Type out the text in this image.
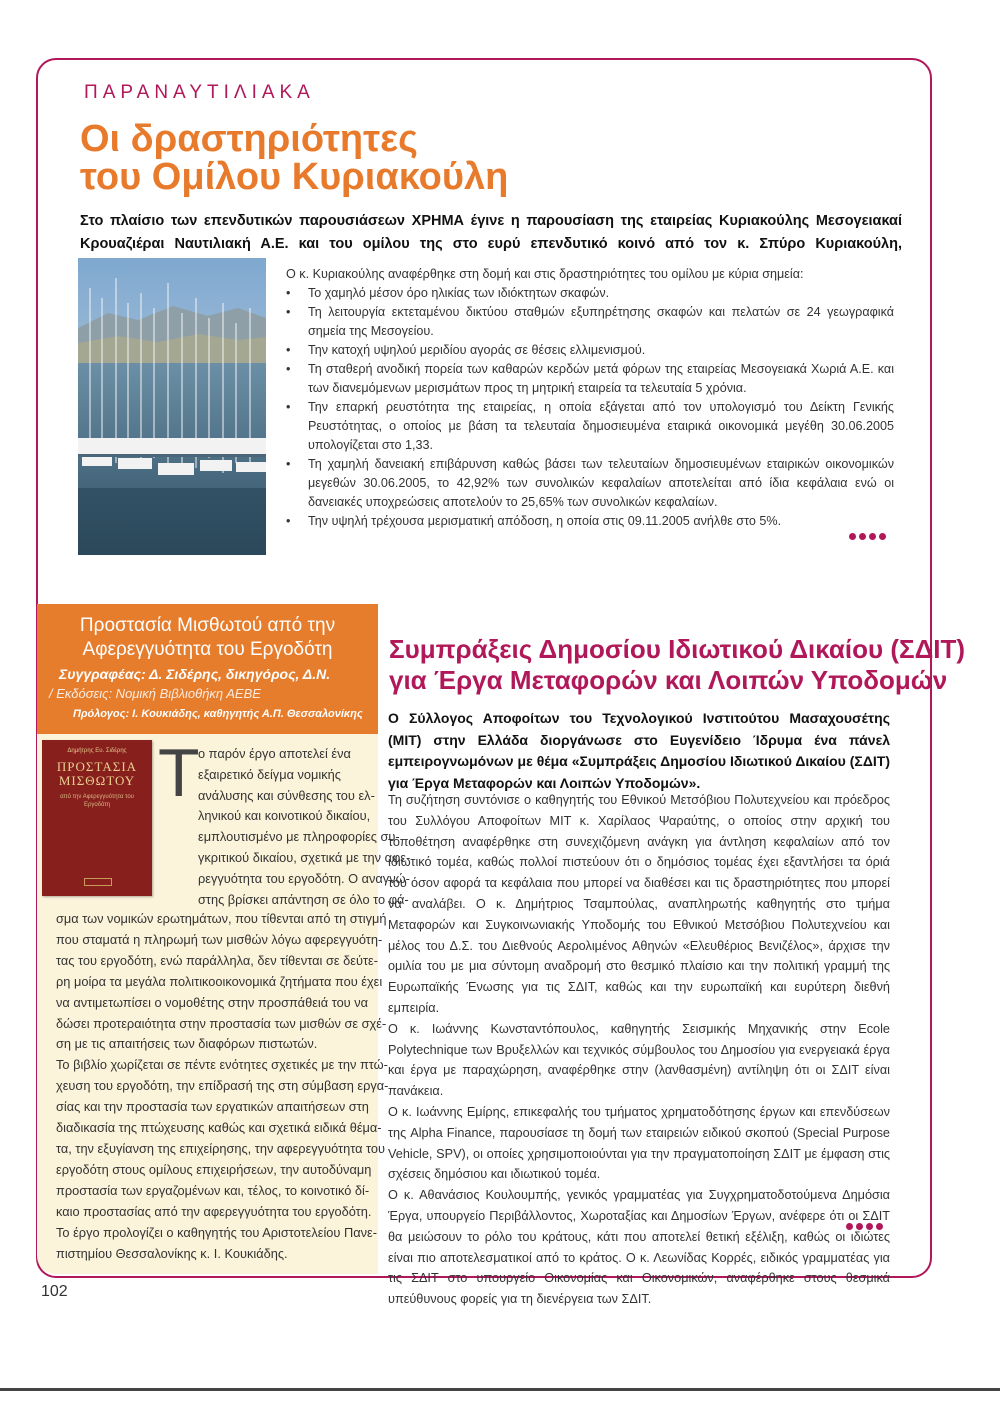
ΠΑΡΑΝΑΥΤΙΛΙΑΚΑ
Οι δραστηριότητες
του Ομίλου Κυριακούλη
Στο πλαίσιο των επενδυτικών παρουσιάσεων ΧΡΗΜΑ έγινε η παρουσίαση της εταιρείας Κυριακούλης Μεσογειακαί Κρουαζιέραι Ναυτιλιακή Α.Ε. και του ομίλου της στο ευρύ επενδυτικό κοινό από τον κ. Σπύρο Κυριακούλη,

Ο κ. Κυριακούλης αναφέρθηκε στη δομή και στις δραστηριότητες του ομίλου με κύρια σημεία:

• Το χαμηλό μέσον όρο ηλικίας των ιδιόκτητων σκαφών.
• Τη λειτουργία εκτεταμένου δικτύου σταθμών εξυπηρέτησης σκαφών και πελατών σε 24 γεωγραφικά σημεία της Μεσογείου.
• Την κατοχή υψηλού μεριδίου αγοράς σε θέσεις ελλιμενισμού.
• Τη σταθερή ανοδική πορεία των καθαρών κερδών μετά φόρων της εταιρείας Μεσογειακά Χωριά Α.Ε. και των διανεμόμενων μερισμάτων προς τη μητρική εταιρεία τα τελευταία 5 χρόνια.
• Την επαρκή ρευστότητα της εταιρείας, η οποία εξάγεται από τον υπολογισμό του Δείκτη Γενικής Ρευστότητας, ο οποίος με βάση τα τελευταία δημοσιευμένα εταιρικά οικονομικά μεγέθη 30.06.2005 υπολογίζεται στο 1,33.
• Τη χαμηλή δανειακή επιβάρυνση καθώς βάσει των τελευταίων δημοσιευμένων εταιρικών οικονομικών μεγεθών 30.06.2005, το 42,92% των συνολικών κεφαλαίων αποτελείται από ίδια κεφάλαια ενώ οι δανειακές υποχρεώσεις αποτελούν το 25,65% των συνολικών κεφαλαίων.
• Την υψηλή τρέχουσα μερισματική απόδοση, η οποία στις 09.11.2005 ανήλθε στο 5%.
Προστασία Μισθωτού από την
Αφερεγγυότητα του Εργοδότη
Συγγραφέας: Δ. Σιδέρης, δικηγόρος, Δ.Ν.
/ Εκδόσεις: Νομική Βιβλιοθήκη ΑΕΒΕ
Πρόλογος: Ι. Κουκιάδης, καθηγητής Α.Π. Θεσσαλονίκης
Δημήτρης Ευ. Σιδέρης
ΠΡΟΣΤΑΣΙΑ
ΜΙΣΘΩΤΟΥ
από την Αφερεγγυότητα του Εργοδότη Τ
ο παρόν έργο αποτελεί ένα
εξαιρετικό δείγμα νομικής
ανάλυσης και σύνθεσης του ελ-
ληνικού και κοινοτικού δικαίου,
εμπλουτισμένο με πληροφορίες συ-
γκριτικού δικαίου, σχετικά με την αφε-
ρεγγυότητα του εργοδότη. Ο αναγνώ-
στης βρίσκει απάντηση σε όλο το φά-
σμα των νομικών ερωτημάτων, που τίθενται από τη στιγμή
που σταματά η πληρωμή των μισθών λόγω αφερεγγυότη-
τας του εργοδότη, ενώ παράλληλα, δεν τίθενται σε δεύτε-
ρη μοίρα τα μεγάλα πολιτικοοικονομικά ζητήματα που έχει
να αντιμετωπίσει ο νομοθέτης στην προσπάθειά του να
δώσει προτεραιότητα στην προστασία των μισθών σε σχέ-
ση με τις απαιτήσεις των διαφόρων πιστωτών.
Το βιβλίο χωρίζεται σε πέντε ενότητες σχετικές με την πτώ-
χευση του εργοδότη, την επίδρασή της στη σύμβαση εργα-
σίας και την προστασία των εργατικών απαιτήσεων στη
διαδικασία της πτώχευσης καθώς και σχετικά ειδικά θέμα-
τα, την εξυγίανση της επιχείρησης, την αφερεγγυότητα του
εργοδότη στους ομίλους επιχειρήσεων, την αυτοδύναμη
προστασία των εργαζομένων και, τέλος, το κοινοτικό δί-
καιο προστασίας από την αφερεγγυότητα του εργοδότη.
Το έργο προλογίζει ο καθηγητής του Αριστοτελείου Πανε-
πιστημίου Θεσσαλονίκης κ. Ι. Κουκιάδης.
Συμπράξεις Δημοσίου Ιδιωτικού Δικαίου (ΣΔΙΤ)
για Έργα Μεταφορών και Λοιπών Υποδομών
Ο Σύλλογος Αποφοίτων του Τεχνολογικού Ινστιτούτου Μασαχουσέτης (MIT) στην Ελλάδα διοργάνωσε στο Ευγενίδειο Ίδρυμα ένα πάνελ εμπειρογνωμόνων με θέμα «Συμπράξεις Δημοσίου Ιδιωτικού Δικαίου (ΣΔΙΤ) για Έργα Μεταφορών και Λοιπών Υποδομών».

Τη συζήτηση συντόνισε ο καθηγητής του Εθνικού Μετσόβιου Πολυτεχνείου και πρόεδρος του Συλλόγου Αποφοίτων MIT κ. Χαρίλαος Ψαραύτης, ο οποίος στην αρχική του τοποθέτηση αναφέρθηκε στη συνεχιζόμενη ανάγκη για άντληση κεφαλαίων από τον ιδιωτικό τομέα, καθώς πολλοί πιστεύουν ότι ο δημόσιος τομέας έχει εξαντλήσει τα όριά του όσον αφορά τα κεφάλαια που μπορεί να διαθέσει και τις δραστηριότητες που μπορεί να αναλάβει. Ο κ. Δημήτριος Τσαμπούλας, αναπληρωτής καθηγητής στο τμήμα Μεταφορών και Συγκοινωνιακής Υποδομής του Εθνικού Μετσόβιου Πολυτεχνείου και μέλος του Δ.Σ. του Διεθνούς Αερολιμένος Αθηνών «Ελευθέριος Βενιζέλος», άρχισε την ομιλία του με μια σύντομη αναδρομή στο θεσμικό πλαίσιο και την πολιτική γραμμή της Ευρωπαϊκής Ένωσης για τις ΣΔΙΤ, καθώς και την ευρωπαϊκή και ευρύτερη διεθνή εμπειρία.

Ο κ. Ιωάννης Κωνσταντόπουλος, καθηγητής Σεισμικής Μηχανικής στην Ecole Polytechnique των Βρυξελλών και τεχνικός σύμβουλος του Δημοσίου για ενεργειακά έργα και έργα με παραχώρηση, αναφέρθηκε στην (λανθασμένη) αντίληψη ότι οι ΣΔΙΤ είναι πανάκεια.

Ο κ. Ιωάννης Εμίρης, επικεφαλής του τμήματος χρηματοδότησης έργων και επενδύσεων της Alpha Finance, παρουσίασε τη δομή των εταιρειών ειδικού σκοπού (Special Purpose Vehicle, SPV), οι οποίες χρησιμοποιούνται για την πραγματοποίηση ΣΔΙΤ με έμφαση στις σχέσεις δημόσιου και ιδιωτικού τομέα.

Ο κ. Αθανάσιος Κουλουμπής, γενικός γραμματέας για Συγχρηματοδοτούμενα Δημόσια Έργα, υπουργείο Περιβάλλοντος, Χωροταξίας και Δημοσίων Έργων, ανέφερε ότι οι ΣΔΙΤ θα μειώσουν το ρόλο του κράτους, κάτι που αποτελεί θετική εξέλιξη, καθώς οι ιδιώτες είναι πιο αποτελεσματικοί από το κράτος. Ο κ. Λεωνίδας Κορρές, ειδικός γραμματέας για τις ΣΔΙΤ στο υπουργείο Οικονομίας και Οικονομικών, αναφέρθηκε στους θεσμικά υπεύθυνους φορείς για τη διενέργεια των ΣΔΙΤ.

102
